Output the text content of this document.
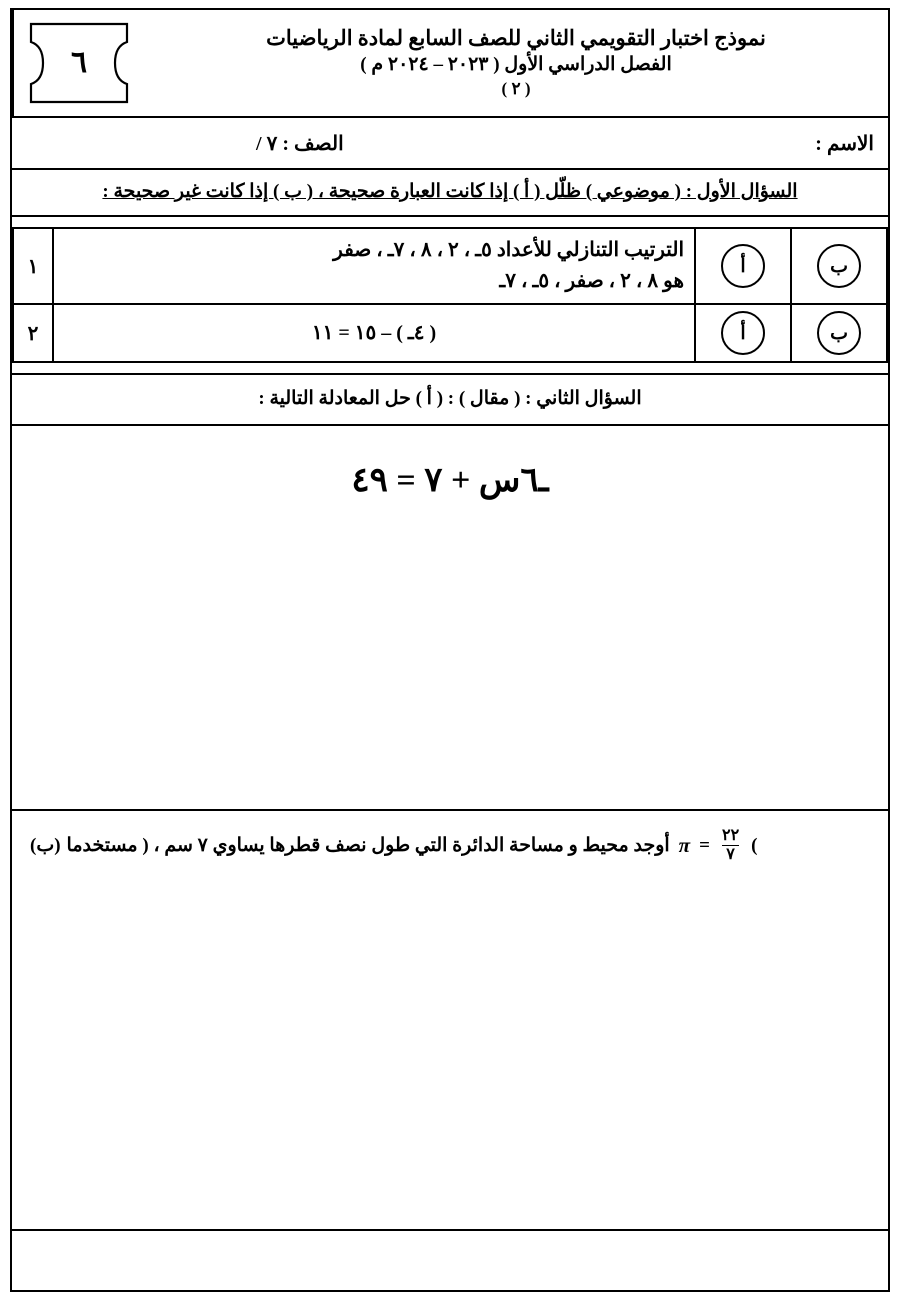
نموذج اختبار التقويمي الثاني للصف السابع لمادة الرياضيات
الفصل الدراسي الأول ( ٢٠٢٣ – ٢٠٢٤ م )
( ٢ )
٦
الاسم :
الصف : ٧ /
السؤال الأول : ( موضوعي ) ظلّل ( أ ) إذا كانت العبارة صحيحة ، ( ب ) إذا كانت غير صحيحة :
ب	أ	الترتيب التنازلي للأعداد ٥ـ ، ٢ ، ٨ ، ٧ـ ، صفر
هو ٨ ، ٢ ، صفر ، ٥ـ ، ٧ـ	١
ب	أ	( ٤ـ ) – ١٥ = ١١	٢
السؤال الثاني : ( مقال ) : ( أ ) حل المعادلة التالية :
ـ٦س + ٧ = ٤٩
(ب) أوجد محيط و مساحة الدائرة التي طول نصف قطرها يساوي ٧ سم ، ( مستخدما $\pi = \frac{٢٢}{٧}$ )
